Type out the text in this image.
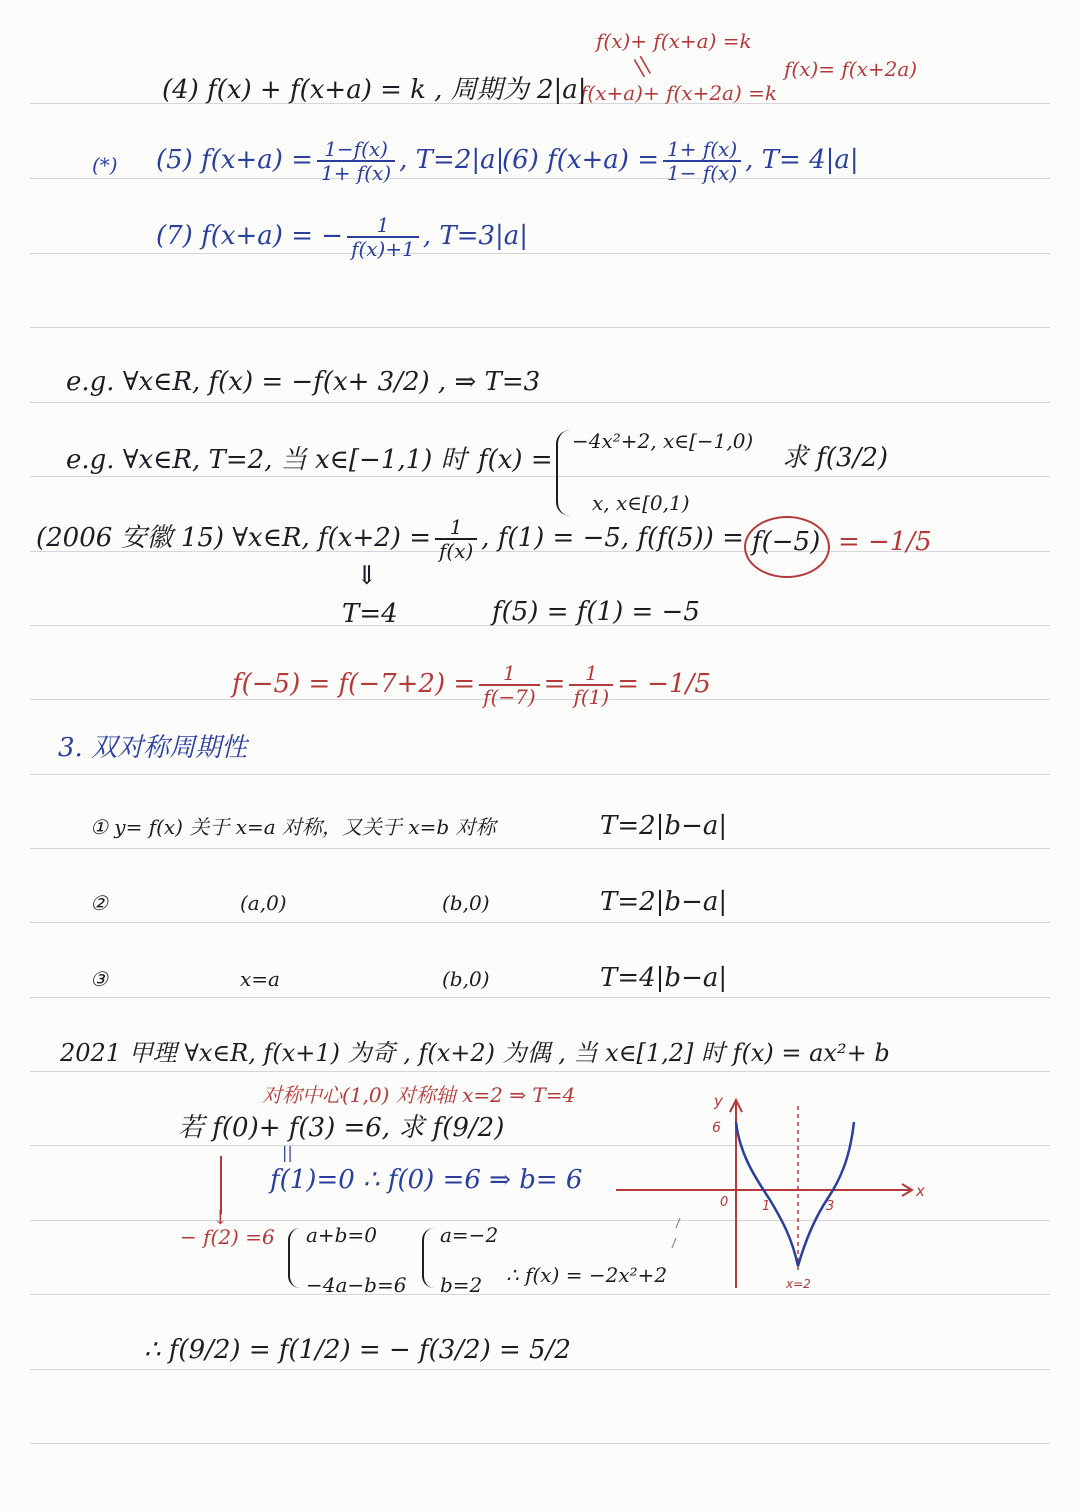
f(x)+ f(x+a) =k
||
f(x+a)+ f(x+2a) =k
f(x)= f(x+2a)
(4) f(x) + f(x+a) = k , 周期为 2|a|
(*) (5) $f(x+a) = \frac{1-f(x)}{1+ f(x)}$ , T=2|a|
(6) $f(x+a) = \frac{1+ f(x)}{1- f(x)}$ , T= 4|a|
(7) f(x+a) = − $\frac{1}{f(x)+1}$ , T=3|a|
e.g. ∀x∈R, f(x) = −f(x+ 3/2) , ⇒ T=3
e.g. ∀x∈R, T=2, 当 x∈[−1,1) 时 f(x) =
−4x²+2, x∈[−1,0)
x, x∈[0,1)
求 f(3/2)
(2006 安徽 15) ∀x∈R, $f(x+2) = \frac{1}{f(x)}$ , f(1) = −5, f(f(5)) = f(−5) = −1/5
⇓
T=4	f(5) = f(1) = −5
$f(-5) = f(-7+2) = \frac{1}{f(-7)} = \frac{1}{f(1)} = -1/5$
3. 双对称周期性
① y= f(x) 关于 x=a 对称，又关于 x=b 对称	T=2|b−a|
②	(a,0)	(b,0)	T=2|b−a|
③	x=a	(b,0)	T=4|b−a|
2021 甲理 ∀x∈R, f(x+1) 为奇 , f(x+2) 为偶 , 当 x∈[1,2] 时 f(x) = ax²+ b
对称中心(1,0) 对称轴 x=2 ⇒ T=4
若 f(0)+ f(3) =6, 求 f(9/2)
||
f(1)=0 ∴ f(0) =6 ⇒ b= 6
↓
− f(2) =6 a+b=0
−4a−b=6
a=−2
b=2 ∴ f(x) = −2x²+2
∴ f(9/2) = f(1/2) = − f(3/2) = 5/2
y
6
0	1	3
x
x=2
